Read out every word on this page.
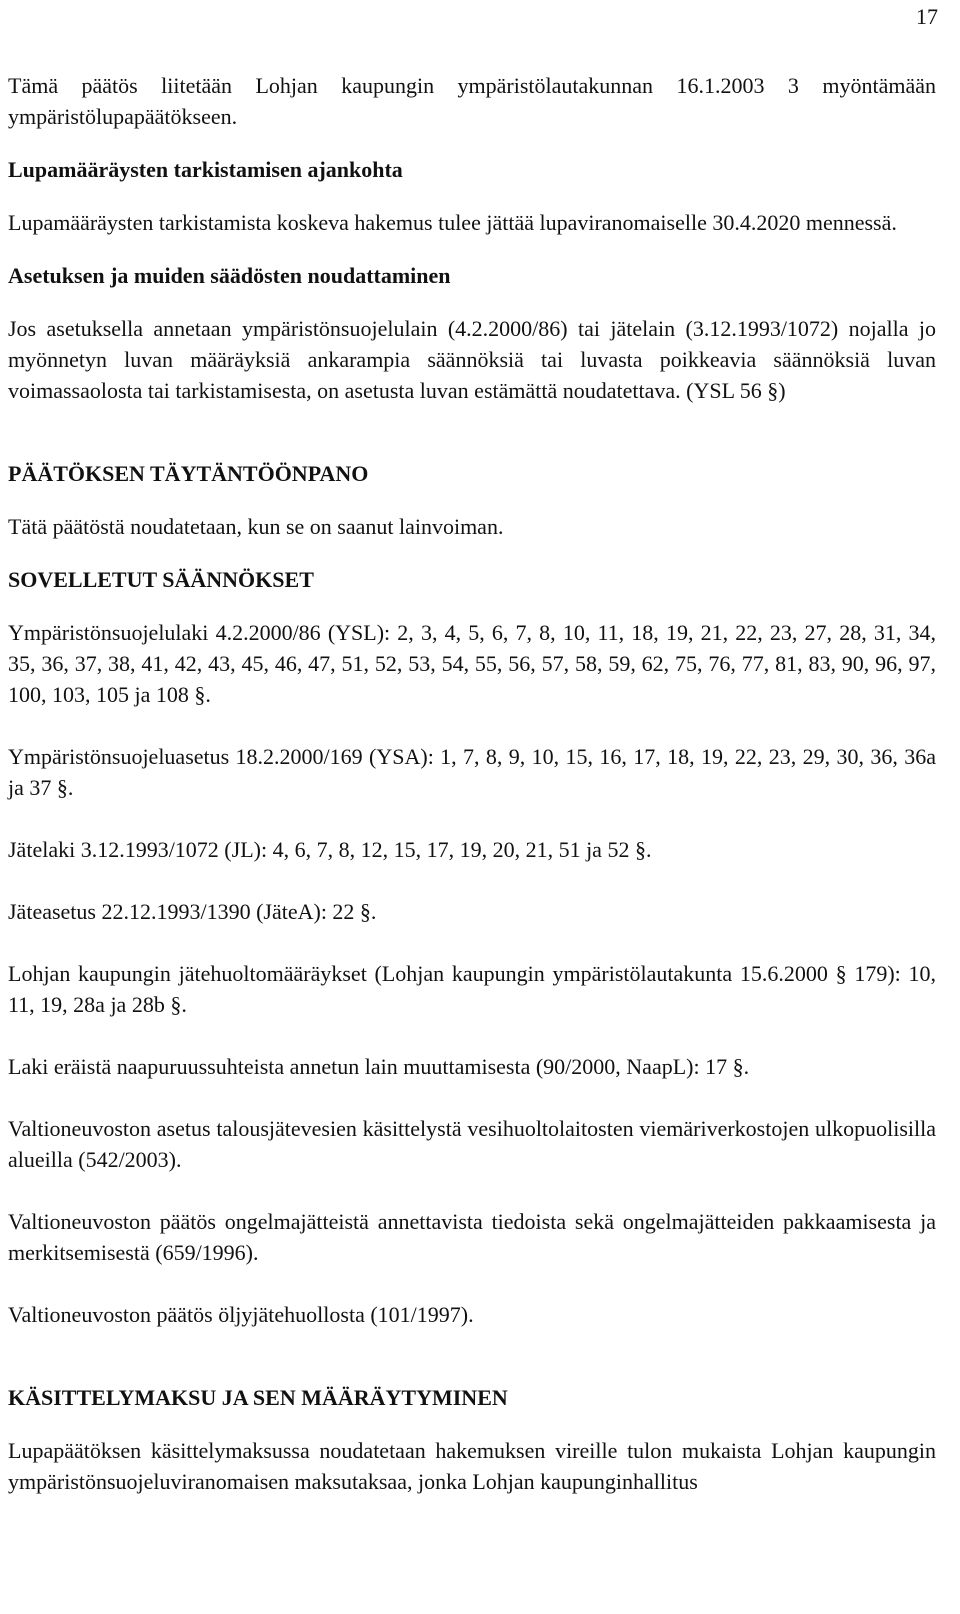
17

Tämä päätös liitetään Lohjan kaupungin ympäristölautakunnan 16.1.2003 3 myöntämään ympäristölupapäätökseen.

Lupamääräysten tarkistamisen ajankohta

Lupamääräysten tarkistamista koskeva hakemus tulee jättää lupaviranomaiselle 30.4.2020 mennessä.

Asetuksen ja muiden säädösten noudattaminen

Jos asetuksella annetaan ympäristönsuojelulain (4.2.2000/86) tai jätelain (3.12.1993/1072) nojalla jo myönnetyn luvan määräyksiä ankarampia säännöksiä tai luvasta poikkeavia säännöksiä luvan voimassaolosta tai tarkistamisesta, on asetusta luvan estämättä noudatettava. (YSL 56 §)

PÄÄTÖKSEN TÄYTÄNTÖÖNPANO

Tätä päätöstä noudatetaan, kun se on saanut lainvoiman.

SOVELLETUT SÄÄNNÖKSET

Ympäristönsuojelulaki 4.2.2000/86 (YSL): 2, 3, 4, 5, 6, 7, 8, 10, 11, 18, 19, 21, 22, 23, 27, 28, 31, 34, 35, 36, 37, 38, 41, 42, 43, 45, 46, 47, 51, 52, 53, 54, 55, 56, 57, 58, 59, 62, 75, 76, 77, 81, 83, 90, 96, 97, 100, 103, 105 ja 108 §.

Ympäristönsuojeluasetus 18.2.2000/169 (YSA): 1, 7, 8, 9, 10, 15, 16, 17, 18, 19, 22, 23, 29, 30, 36, 36a ja 37 §.

Jätelaki 3.12.1993/1072 (JL): 4, 6, 7, 8, 12, 15, 17, 19, 20, 21, 51 ja 52 §.

Jäteasetus 22.12.1993/1390 (JäteA): 22 §.

Lohjan kaupungin jätehuoltomääräykset (Lohjan kaupungin ympäristölautakunta 15.6.2000 § 179): 10, 11, 19, 28a ja 28b §.

Laki eräistä naapuruussuhteista annetun lain muuttamisesta (90/2000, NaapL): 17 §.

Valtioneuvoston asetus talousjätevesien käsittelystä vesihuoltolaitosten viemäriverkostojen ulkopuolisilla alueilla (542/2003).

Valtioneuvoston päätös ongelmajätteistä annettavista tiedoista sekä ongelmajätteiden pakkaamisesta ja merkitsemisestä (659/1996).

Valtioneuvoston päätös öljyjätehuollosta (101/1997).

KÄSITTELYMAKSU JA SEN MÄÄRÄYTYMINEN

Lupapäätöksen käsittelymaksussa noudatetaan hakemuksen vireille tulon mukaista Lohjan kaupungin ympäristönsuojeluviranomaisen maksutaksaa, jonka Lohjan kaupunginhallitus
